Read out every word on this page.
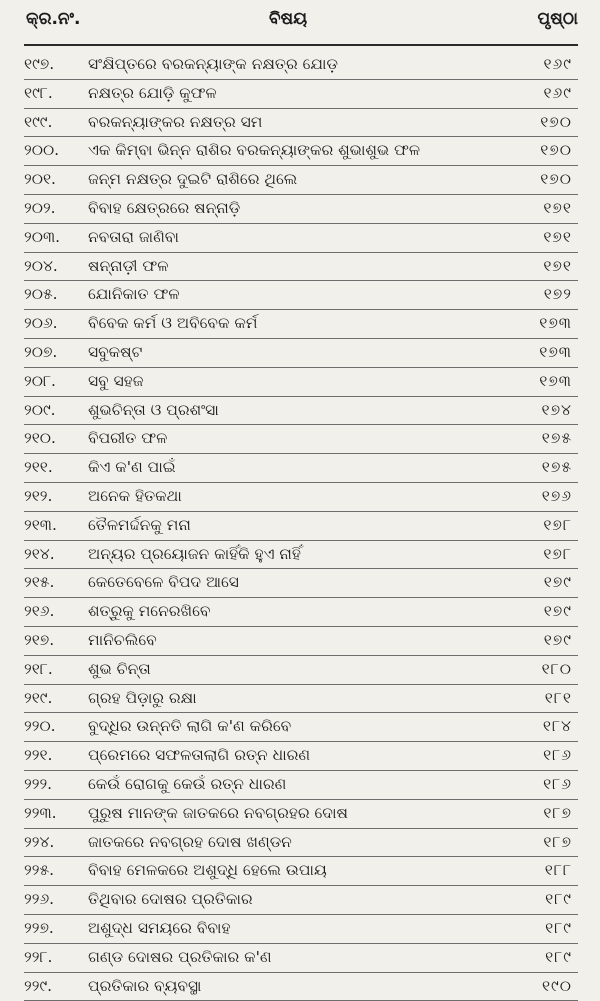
କ୍ର.ନଂ.	ବିଷୟ	ପୃଷ୍ଠା
୧୯୭. ସଂକ୍ଷିପ୍ତରେ ବରକନ୍ୟାଙ୍କ ନକ୍ଷତ୍ର ଯୋଡ଼	୧୬୯
୧୯୮. ନକ୍ଷତ୍ର ଯୋଡ଼ି କୁଫଳ	୧୬୯
୧୯୯. ବରକନ୍ୟାଙ୍କର ନକ୍ଷତ୍ର ସମ	୧୭୦
୨୦୦. ଏକ କିମ୍ବା ଭିନ୍ନ ରାଶିର ବରକନ୍ୟାଙ୍କର ଶୁଭାଶୁଭ ଫଳ	୧୭୦
୨୦୧. ଜନ୍ମ ନକ୍ଷତ୍ର ଦୁଇଟି ରାଶିରେ ଥିଲେ	୧୭୦
୨୦୨. ବିବାହ କ୍ଷେତ୍ରରେ ଷନ୍ନାଡ଼ି	୧୭୧
୨୦୩. ନବତାରା ଜାଣିବା	୧୭୧
୨୦୪. ଷନ୍ନାଡ଼ୀ ଫଳ	୧୭୧
୨୦୫. ଯୋନିକାତ ଫଳ	୧୭୨
୨୦୬. ବିବେକ କର୍ମ ଓ ଅବିବେକ କର୍ମ	୧୭୩
୨୦୭. ସବୁକଷ୍ଟ	୧୭୩
୨୦୮. ସବୁ ସହଜ	୧୭୩
୨୦୯. ଶୁଭଚିନ୍ତା ଓ ପ୍ରଶଂସା	୧୭୪
୨୧୦. ବିପରୀତ ଫଳ	୧୭୫
୨୧୧. କିଏ କ'ଣ ପାଇଁ	୧୭୫
୨୧୨. ଅନେକ ହିତକଥା	୧୭୬
୨୧୩. ତୈଳମର୍ଦ୍ଦନକୁ ମନା	୧୭୮
୨୧୪. ଅନ୍ୟର ପ୍ରୟୋଜନ କାହିଁକି ହୁଏ ନାହିଁ	୧୭୮
୨୧୫. କେତେବେଳେ ବିପଦ ଆସେ	୧୭୯
୨୧୬. ଶତ୍ରୁକୁ ମନେରଖିବେ	୧୭୯
୨୧୭. ମାନିଚଲିବେ	୧୭୯
୨୧୮. ଶୁଭ ଚିନ୍ତା	୧୮୦
୨୧୯. ଗ୍ରହ ପିଡ଼ାରୁ ରକ୍ଷା	୧୮୧
୨୨୦. ବୁଦ୍ଧିର ଉନ୍ନତି ଲାଗି କ'ଣ କରିବେ	୧୮୪
୨୨୧. ପ୍ରେମରେ ସଫଳତାଲାଗି ରତ୍ନ ଧାରଣ	୧୮୬
୨୨୨. କେଉଁ ରୋଗକୁ କେଉଁ ରତ୍ନ ଧାରଣ	୧୮୬
୨୨୩. ପୁରୁଷ ମାନଙ୍କ ଜାତକରେ ନବଗ୍ରହର ଦୋଷ	୧୮୭
୨୨୪. ଜାତକରେ ନବଗ୍ରହ ଦୋଷ ଖଣ୍ଡନ	୧୮୭
୨୨୫. ବିବାହ ମେଳକରେ ଅଶୁଦ୍ଧି ହେଲେ ଉପାୟ	୧୮୮
୨୨୬. ତିଥିବାର ଦୋଷର ପ୍ରତିକାର	୧୮୯
୨୨୭. ଅଶୁଦ୍ଧ ସମୟରେ ବିବାହ	୧୮୯
୨୨୮. ଗଣ୍ଡ ଦୋଷର ପ୍ରତିକାର କ'ଣ	୧୮୯
୨୨୯. ପ୍ରତିକାର ବ୍ୟବସ୍ଥା	୧୯୦
